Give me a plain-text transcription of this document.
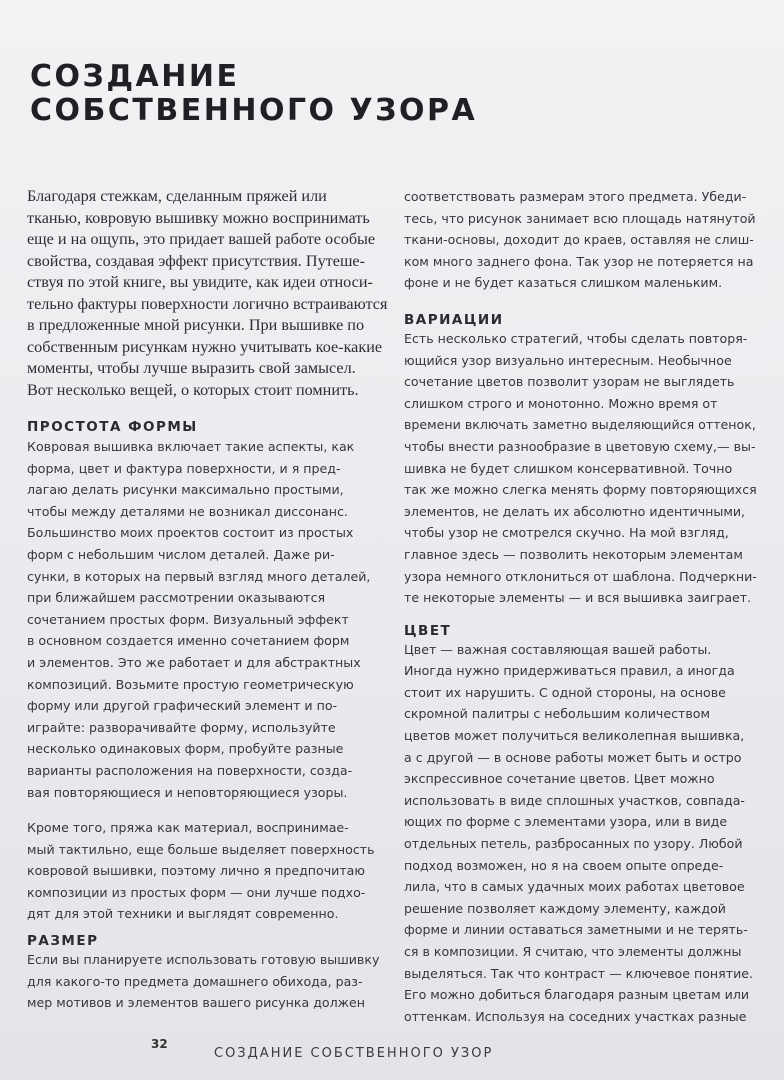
СОЗДАНИЕ
СОБСТВЕННОГО УЗОРА
Благодаря стежкам, сделанным пряжей или
тканью, ковровую вышивку можно воспринимать
еще и на ощупь, это придает вашей работе особые
свойства, создавая эффект присутствия. Путеше-
ствуя по этой книге, вы увидите, как идеи относи-
тельно фактуры поверхности логично встраиваются
в предложенные мной рисунки. При вышивке по
собственным рисункам нужно учитывать кое-какие
моменты, чтобы лучше выразить свой замысел.
Вот несколько вещей, о которых стоит помнить.
ПРОСТОТА ФОРМЫ
Ковровая вышивка включает такие аспекты, как
форма, цвет и фактура поверхности, и я пред-
лагаю делать рисунки максимально простыми,
чтобы между деталями не возникал диссонанс.
Большинство моих проектов состоит из простых
форм с небольшим числом деталей. Даже ри-
сунки, в которых на первый взгляд много деталей,
при ближайшем рассмотрении оказываются
сочетанием простых форм. Визуальный эффект
в основном создается именно сочетанием форм
и элементов. Это же работает и для абстрактных
композиций. Возьмите простую геометрическую
форму или другой графический элемент и по-
играйте: разворачивайте форму, используйте
несколько одинаковых форм, пробуйте разные
варианты расположения на поверхности, созда-
вая повторяющиеся и неповторяющиеся узоры.
Кроме того, пряжа как материал, воспринимае-
мый тактильно, еще больше выделяет поверхность
ковровой вышивки, поэтому лично я предпочитаю
композиции из простых форм — они лучше подхо-
дят для этой техники и выглядят современно.
РАЗМЕР
Если вы планируете использовать готовую вышивку
для какого-то предмета домашнего обихода, раз-
мер мотивов и элементов вашего рисунка должен
соответствовать размерам этого предмета. Убеди-
тесь, что рисунок занимает всю площадь натянутой
ткани-основы, доходит до краев, оставляя не слиш-
ком много заднего фона. Так узор не потеряется на
фоне и не будет казаться слишком маленьким.
ВАРИАЦИИ
Есть несколько стратегий, чтобы сделать повторя-
ющийся узор визуально интересным. Необычное
сочетание цветов позволит узорам не выглядеть
слишком строго и монотонно. Можно время от
времени включать заметно выделяющийся оттенок,
чтобы внести разнообразие в цветовую схему,— вы-
шивка не будет слишком консервативной. Точно
так же можно слегка менять форму повторяющихся
элементов, не делать их абсолютно идентичными,
чтобы узор не смотрелся скучно. На мой взгляд,
главное здесь — позволить некоторым элементам
узора немного отклониться от шаблона. Подчеркни-
те некоторые элементы — и вся вышивка заиграет.
ЦВЕТ
Цвет — важная составляющая вашей работы.
Иногда нужно придерживаться правил, а иногда
стоит их нарушить. С одной стороны, на основе
скромной палитры с небольшим количеством
цветов может получиться великолепная вышивка,
а с другой — в основе работы может быть и остро
экспрессивное сочетание цветов. Цвет можно
использовать в виде сплошных участков, совпада-
ющих по форме с элементами узора, или в виде
отдельных петель, разбросанных по узору. Любой
подход возможен, но я на своем опыте опреде-
лила, что в самых удачных моих работах цветовое
решение позволяет каждому элементу, каждой
форме и линии оставаться заметными и не терять-
ся в композиции. Я считаю, что элементы должны
выделяться. Так что контраст — ключевое понятие.
Его можно добиться благодаря разным цветам или
оттенкам. Используя на соседних участках разные
32
СОЗДАНИЕ СОБСТВЕННОГО УЗОР
